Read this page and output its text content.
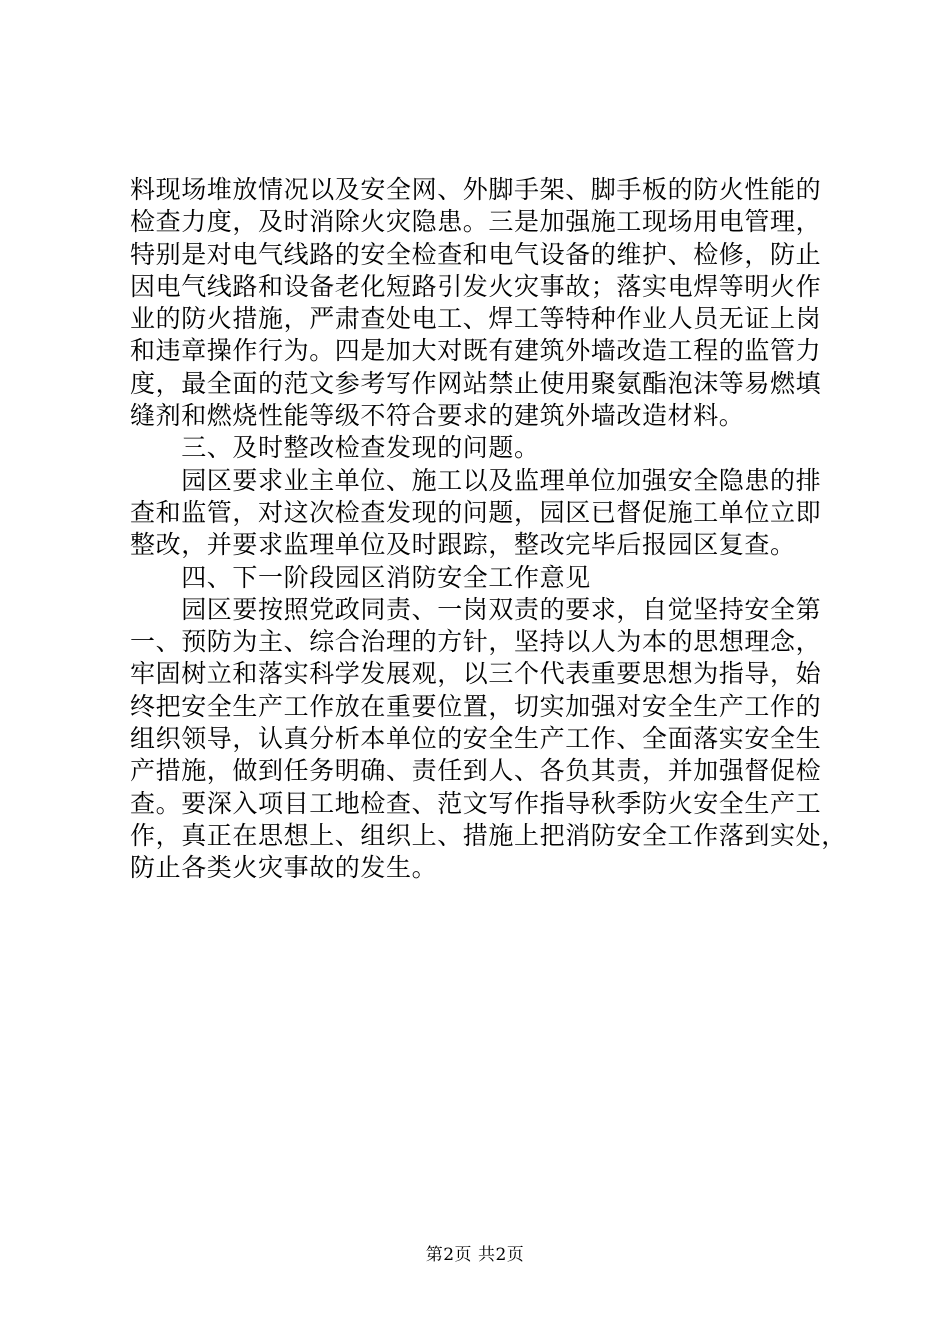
料现场堆放情况以及安全网、外脚手架、脚手板的防火性能的
检查力度，及时消除火灾隐患。三是加强施工现场用电管理，
特别是对电气线路的安全检查和电气设备的维护、检修，防止
因电气线路和设备老化短路引发火灾事故；落实电焊等明火作
业的防火措施，严肃查处电工、焊工等特种作业人员无证上岗
和违章操作行为。四是加大对既有建筑外墙改造工程的监管力
度，最全面的范文参考写作网站禁止使用聚氨酯泡沫等易燃填
缝剂和燃烧性能等级不符合要求的建筑外墙改造材料。
　　三、及时整改检查发现的问题。
　　园区要求业主单位、施工以及监理单位加强安全隐患的排
查和监管，对这次检查发现的问题，园区已督促施工单位立即
整改，并要求监理单位及时跟踪，整改完毕后报园区复查。
　　四、下一阶段园区消防安全工作意见
　　园区要按照党政同责、一岗双责的要求，自觉坚持安全第
一、预防为主、综合治理的方针，坚持以人为本的思想理念，
牢固树立和落实科学发展观，以三个代表重要思想为指导，始
终把安全生产工作放在重要位置，切实加强对安全生产工作的
组织领导，认真分析本单位的安全生产工作、全面落实安全生
产措施，做到任务明确、责任到人、各负其责，并加强督促检
查。要深入项目工地检查、范文写作指导秋季防火安全生产工
作，真正在思想上、组织上、措施上把消防安全工作落到实处，
防止各类火灾事故的发生。
第2页 共2页
